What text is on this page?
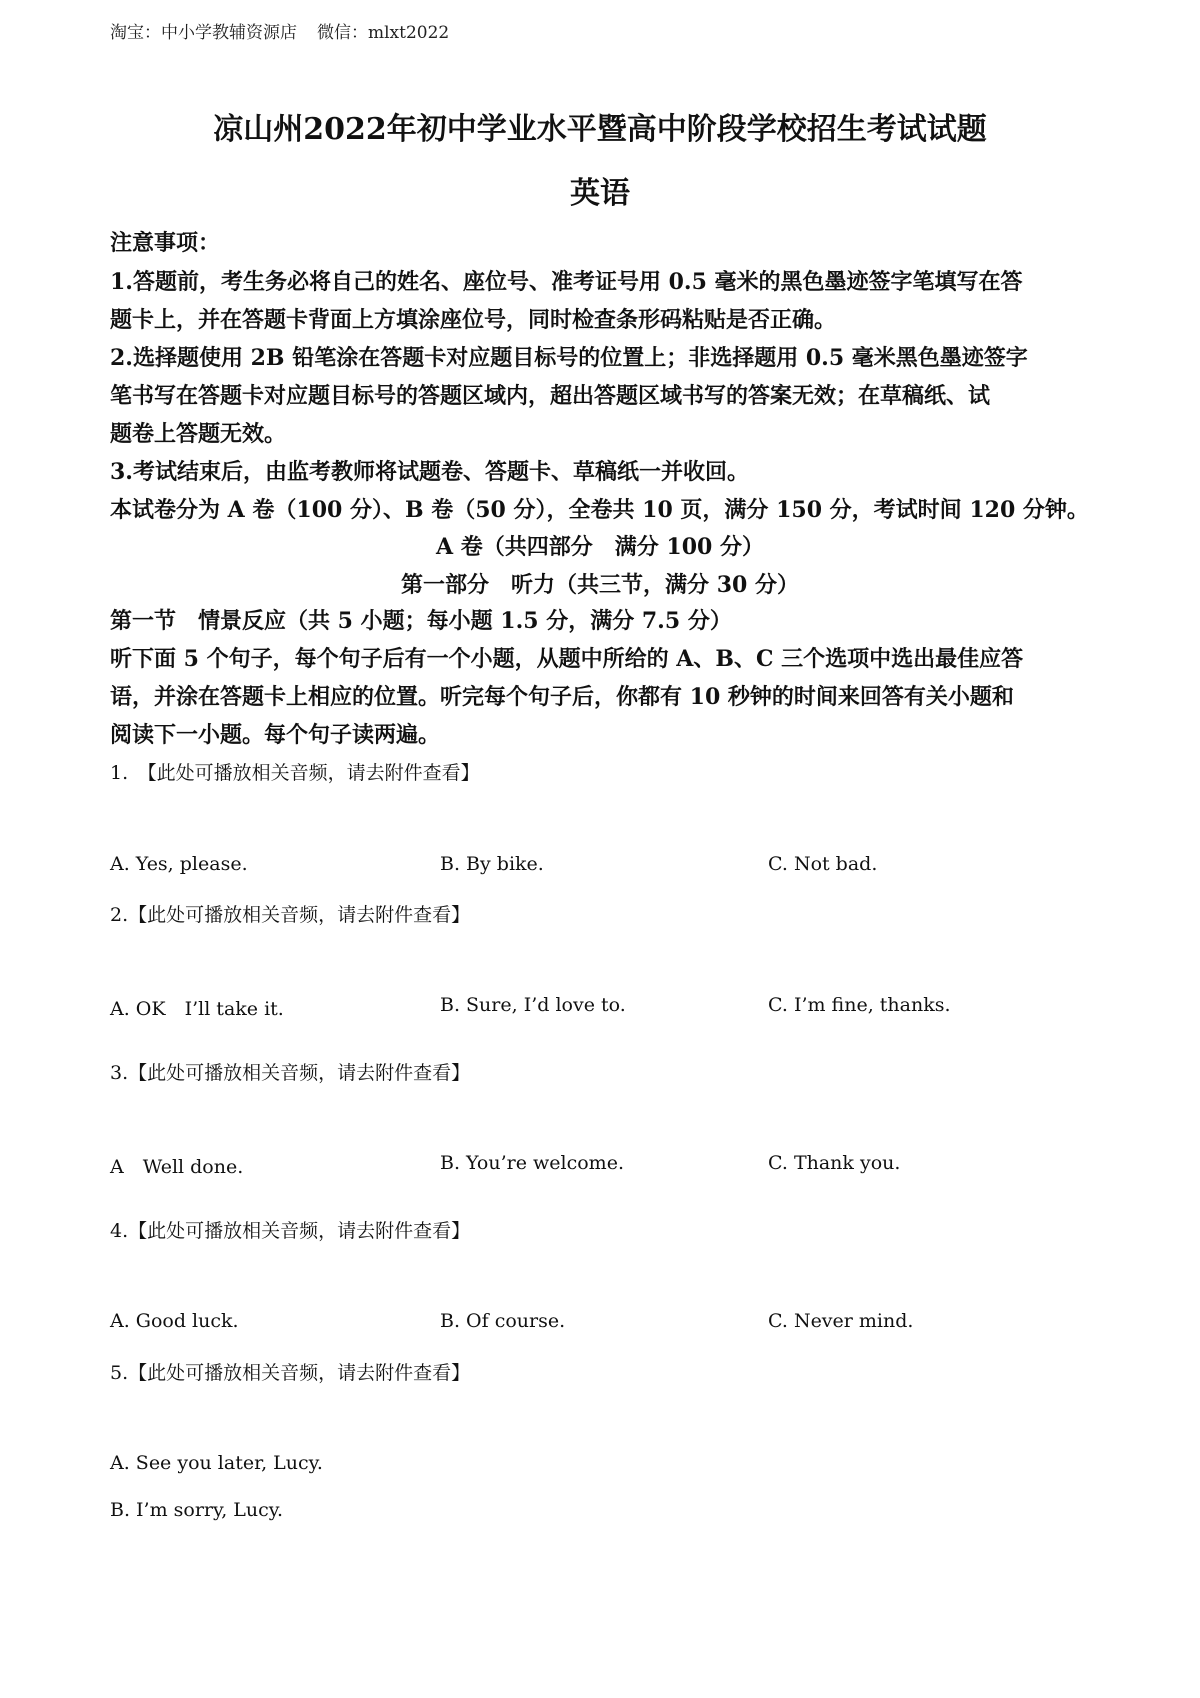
淘宝：中小学教辅资源店 微信：mlxt2022
凉山州2022年初中学业水平暨高中阶段学校招生考试试题
英语
注意事项：
1.答题前，考生务必将自己的姓名、座位号、准考证号用 0.5 毫米的黑色墨迹签字笔填写在答
题卡上，并在答题卡背面上方填涂座位号，同时检查条形码粘贴是否正确。
2.选择题使用 2B 铅笔涂在答题卡对应题目标号的位置上；非选择题用 0.5 毫米黑色墨迹签字
笔书写在答题卡对应题目标号的答题区域内，超出答题区域书写的答案无效；在草稿纸、试
题卷上答题无效。
3.考试结束后，由监考教师将试题卷、答题卡、草稿纸一并收回。
本试卷分为 A 卷（100 分）、B 卷（50 分），全卷共 10 页，满分 150 分，考试时间 120 分钟。
A 卷（共四部分　满分 100 分）
第一部分　听力（共三节，满分 30 分）
第一节　情景反应（共 5 小题；每小题 1.5 分，满分 7.5 分）
听下面 5 个句子，每个句子后有一个小题，从题中所给的 A、B、C 三个选项中选出最佳应答
语，并涂在答题卡上相应的位置。听完每个句子后，你都有 10 秒钟的时间来回答有关小题和
阅读下一小题。每个句子读两遍。
1.　【此处可播放相关音频，请去附件查看】
A. Yes, please.	B. By bike.	C. Not bad.
2.【此处可播放相关音频，请去附件查看】
A. OK　I’ll take it.	B. Sure, I’d love to.	C. I’m fine, thanks.
3.【此处可播放相关音频，请去附件查看】
A　Well done.	B. You’re welcome.	C. Thank you.
4.【此处可播放相关音频，请去附件查看】
A. Good luck.	B. Of course.	C. Never mind.
5.【此处可播放相关音频，请去附件查看】
A. See you later, Lucy.
B. I’m sorry, Lucy.
